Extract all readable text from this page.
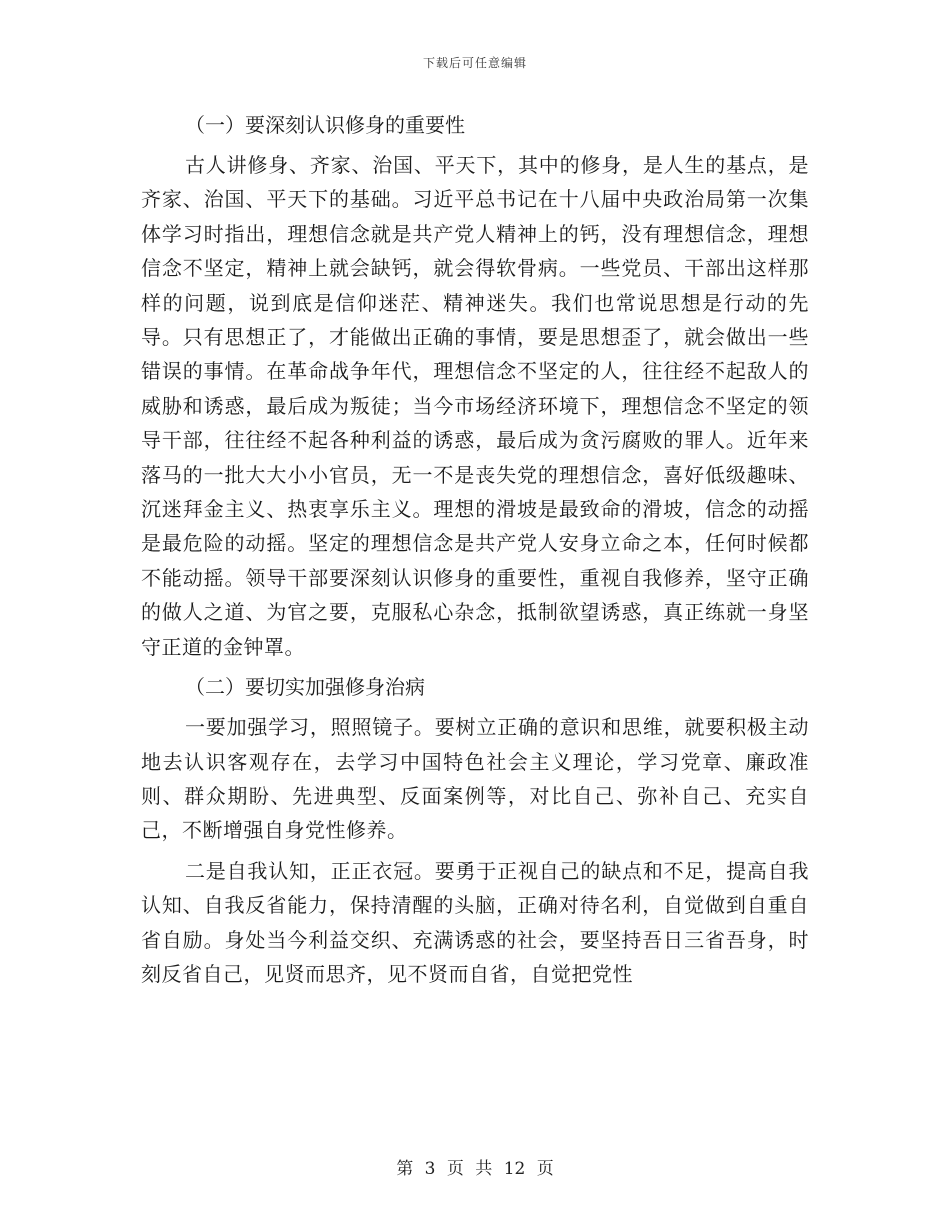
下载后可任意编辑
（一）要深刻认识修身的重要性

古人讲修身、齐家、治国、平天下，其中的修身，是人生的基点，是齐家、治国、平天下的基础。习近平总书记在十八届中央政治局第一次集体学习时指出，理想信念就是共产党人精神上的钙，没有理想信念，理想信念不坚定，精神上就会缺钙，就会得软骨病。一些党员、干部出这样那样的问题，说到底是信仰迷茫、精神迷失。我们也常说思想是行动的先导。只有思想正了，才能做出正确的事情，要是思想歪了，就会做出一些错误的事情。在革命战争年代，理想信念不坚定的人，往往经不起敌人的威胁和诱惑，最后成为叛徒；当今市场经济环境下，理想信念不坚定的领导干部，往往经不起各种利益的诱惑，最后成为贪污腐败的罪人。近年来落马的一批大大小小官员，无一不是丧失党的理想信念，喜好低级趣味、沉迷拜金主义、热衷享乐主义。理想的滑坡是最致命的滑坡，信念的动摇是最危险的动摇。坚定的理想信念是共产党人安身立命之本，任何时候都不能动摇。领导干部要深刻认识修身的重要性，重视自我修养，坚守正确的做人之道、为官之要，克服私心杂念，抵制欲望诱惑，真正练就一身坚守正道的金钟罩。

（二）要切实加强修身治病

一要加强学习，照照镜子。要树立正确的意识和思维，就要积极主动地去认识客观存在，去学习中国特色社会主义理论，学习党章、廉政准则、群众期盼、先进典型、反面案例等，对比自己、弥补自己、充实自己，不断增强自身党性修养。

二是自我认知，正正衣冠。要勇于正视自己的缺点和不足，提高自我认知、自我反省能力，保持清醒的头脑，正确对待名利，自觉做到自重自省自励。身处当今利益交织、充满诱惑的社会，要坚持吾日三省吾身，时刻反省自己，见贤而思齐，见不贤而自省，自觉把党性

第 3 页 共 12 页
